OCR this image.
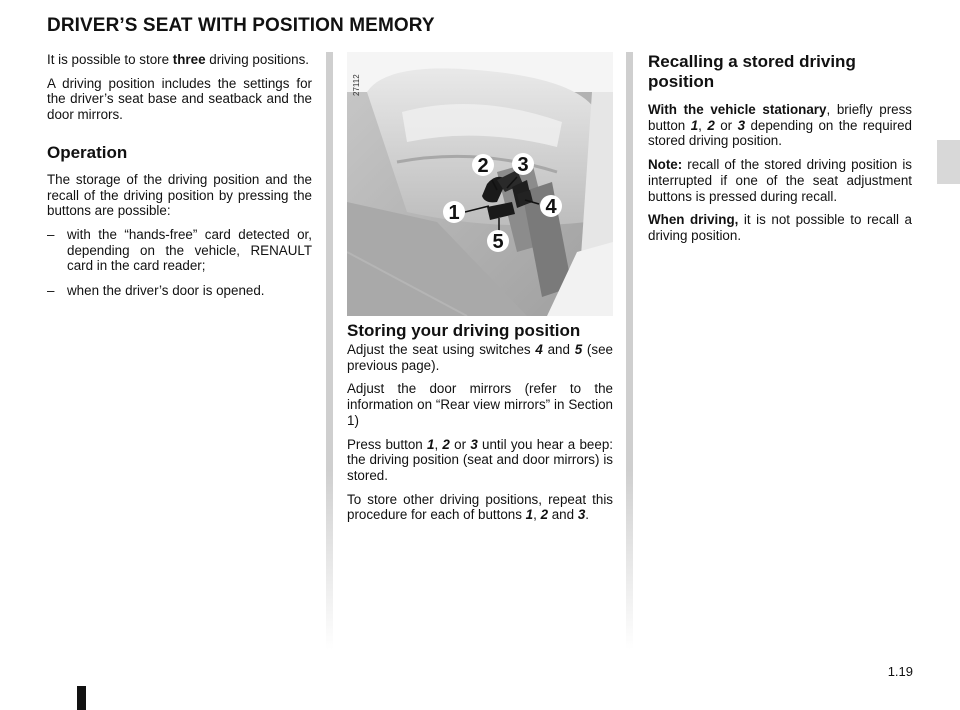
DRIVER’S SEAT WITH POSITION MEMORY

It is possible to store three driving positions.

A driving position includes the settings for the driver’s seat base and seatback and the door mirrors.

Operation

The storage of the driving position and the recall of the driving position by pressing the buttons are possible:

– with the “hands-free” card detected or, depending on the vehicle, RENAULT card in the card reader;
– when the driver’s door is opened.
1
2 3
4
5
Storing your driving position

Adjust the seat using switches 4 and 5 (see previous page).

Adjust the door mirrors (refer to the information on “Rear view mirrors” in Section 1)

Press button 1, 2 or 3 until you hear a beep: the driving position (seat and door mirrors) is stored.

To store other driving positions, repeat this procedure for each of buttons 1, 2 and 3.

27112
Recalling a stored driving position

With the vehicle stationary, briefly press button 1, 2 or 3 depending on the required stored driving position.

Note: recall of the stored driving position is interrupted if one of the seat adjustment buttons is pressed during recall.

When driving, it is not possible to recall a driving position.

1.19
